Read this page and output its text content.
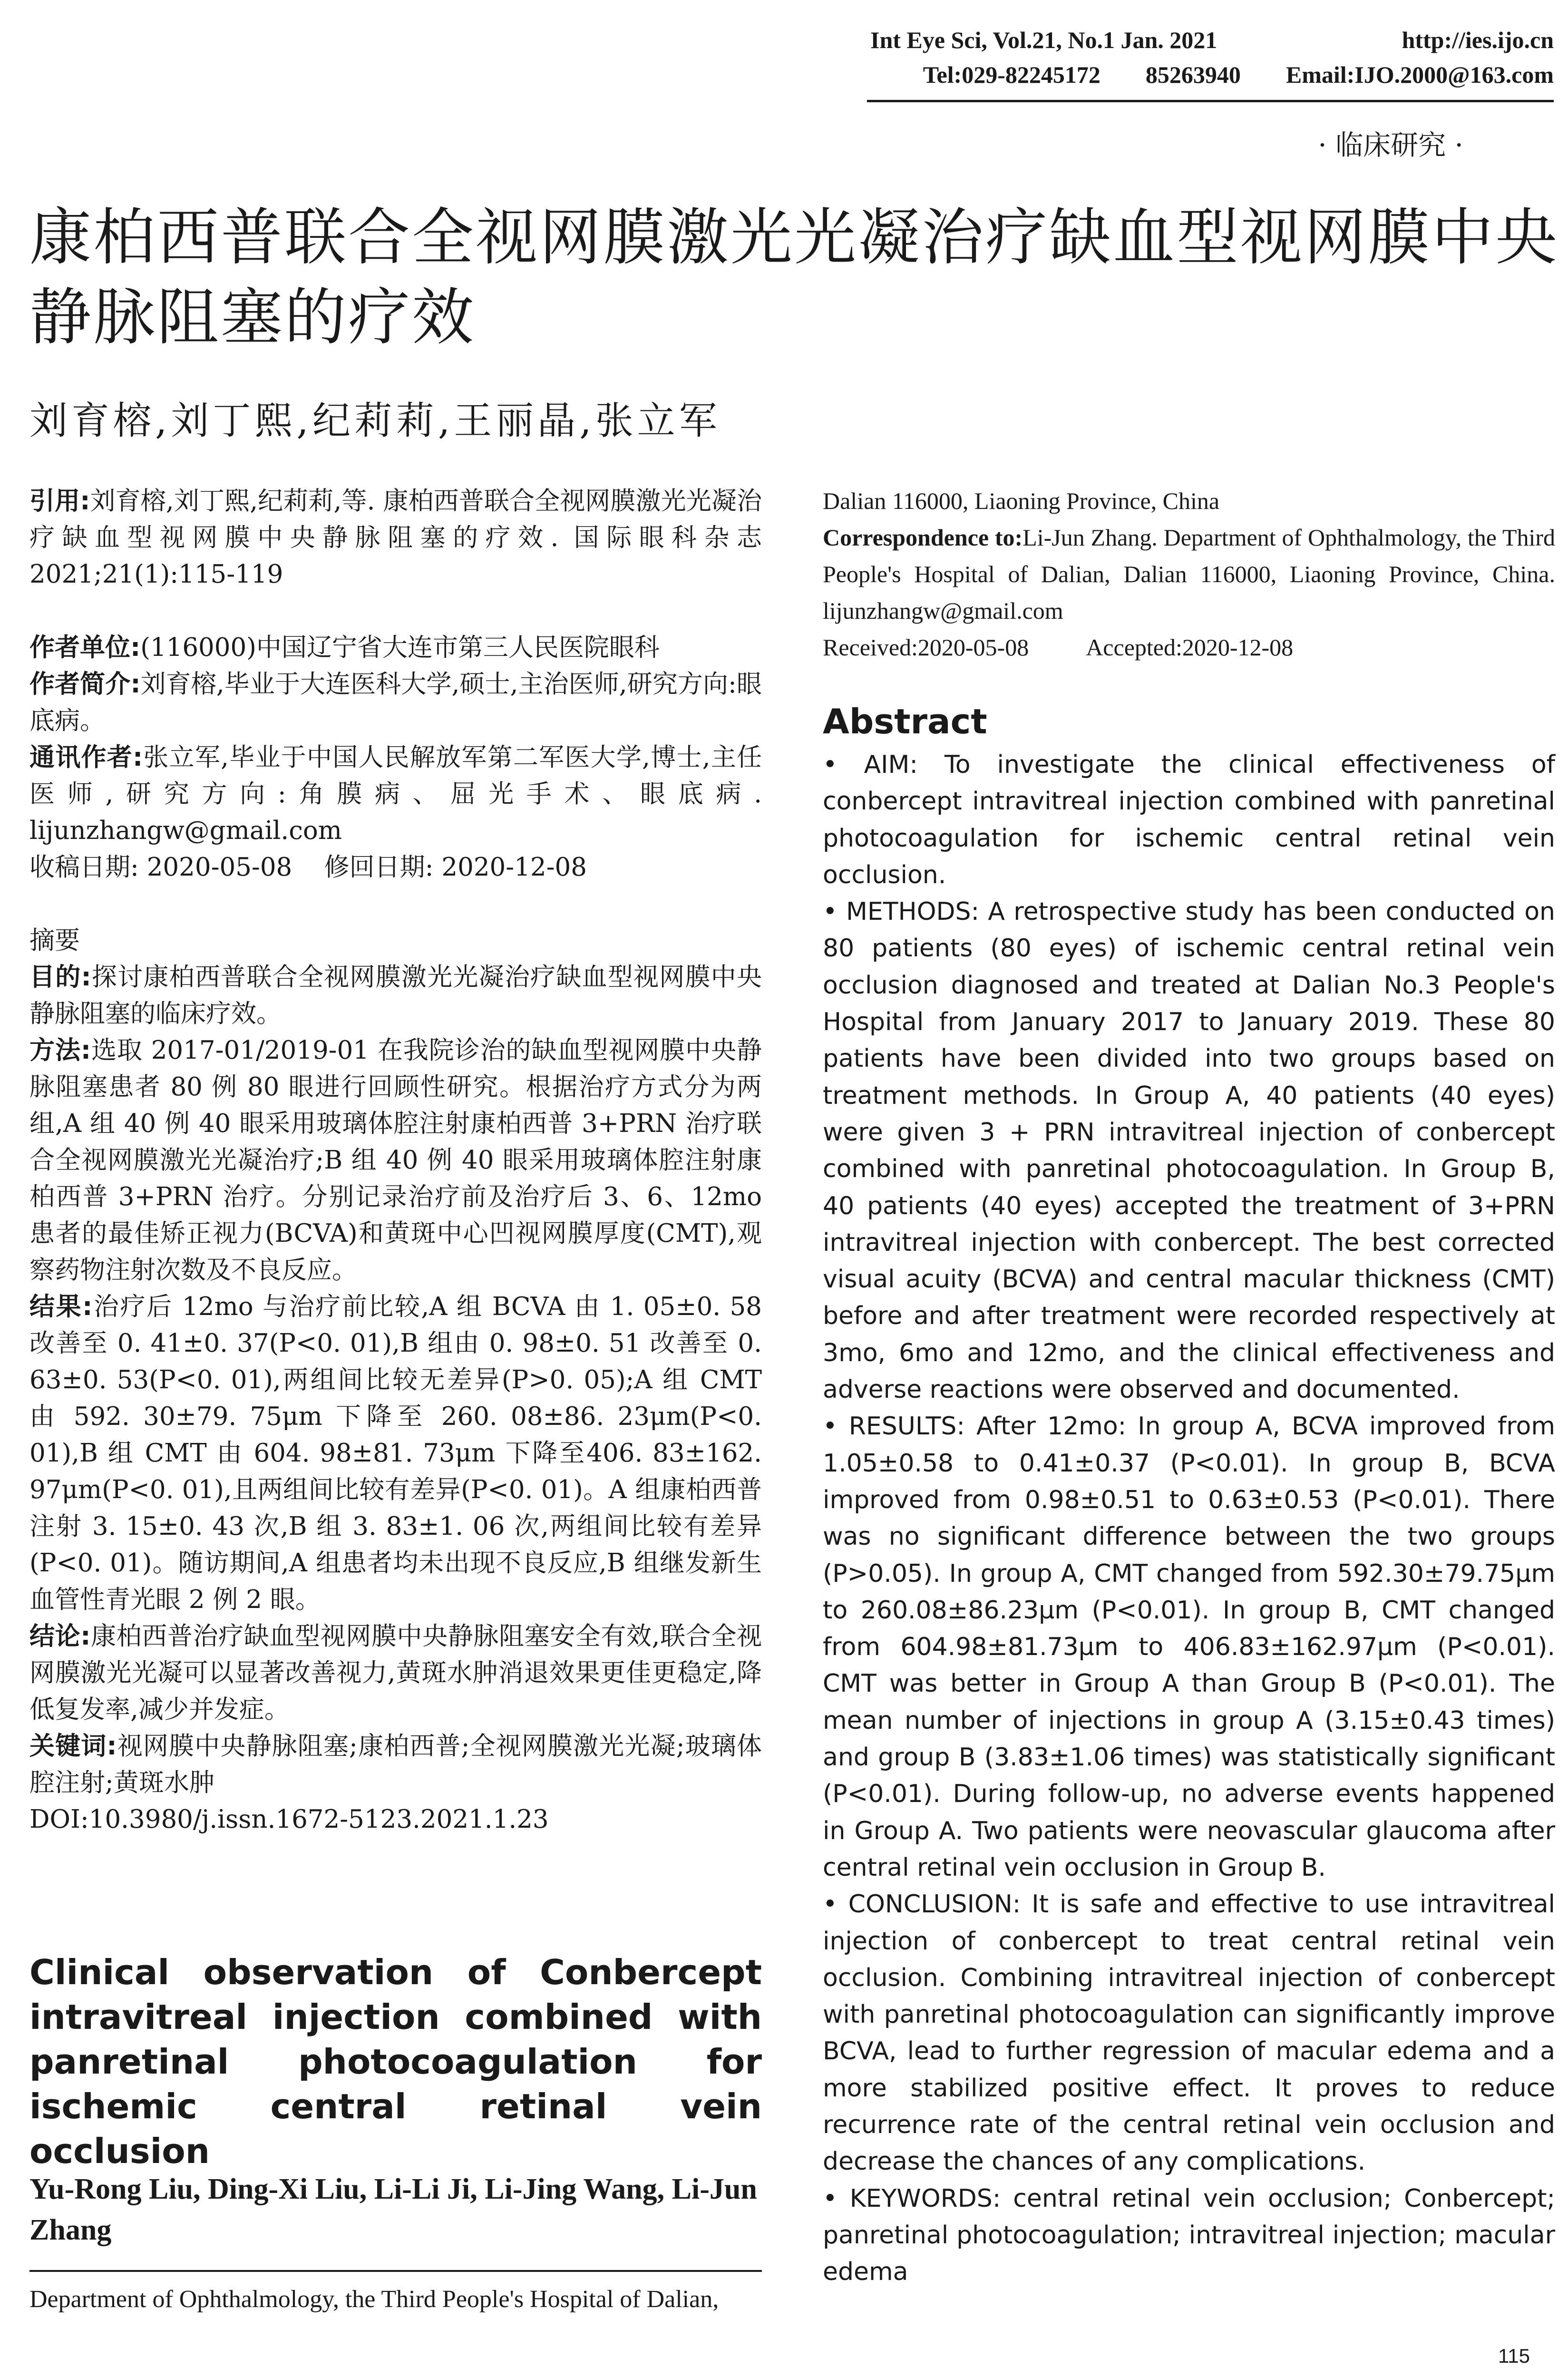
Int Eye Sci, Vol.21, No.1 Jan. 2021	http://ies.ijo.cn
Tel:029-82245172 85263940 Email:IJO.2000@163.com
· 临床研究 ·
康柏西普联合全视网膜激光光凝治疗缺血型视网膜中央静脉阻塞的疗效
刘育榕,刘丁熙,纪莉莉,王丽晶,张立军

引用:刘育榕,刘丁熙,纪莉莉,等. 康柏西普联合全视网膜激光光凝治疗缺血型视网膜中央静脉阻塞的疗效. 国际眼科杂志 2021;21(1):115-119

作者单位:(116000)中国辽宁省大连市第三人民医院眼科

作者简介:刘育榕,毕业于大连医科大学,硕士,主治医师,研究方向:眼底病。

通讯作者:张立军,毕业于中国人民解放军第二军医大学,博士,主任医师,研究方向:角膜病、屈光手术、眼底病. lijunzhangw@gmail.com

收稿日期: 2020-05-08    修回日期: 2020-12-08

摘要

目的:探讨康柏西普联合全视网膜激光光凝治疗缺血型视网膜中央静脉阻塞的临床疗效。

方法:选取 2017-01/2019-01 在我院诊治的缺血型视网膜中央静脉阻塞患者 80 例 80 眼进行回顾性研究。根据治疗方式分为两组,A 组 40 例 40 眼采用玻璃体腔注射康柏西普 3+PRN 治疗联合全视网膜激光光凝治疗;B 组 40 例 40 眼采用玻璃体腔注射康柏西普 3+PRN 治疗。分别记录治疗前及治疗后 3、6、12mo 患者的最佳矫正视力(BCVA)和黄斑中心凹视网膜厚度(CMT),观察药物注射次数及不良反应。

结果:治疗后 12mo 与治疗前比较,A 组 BCVA 由 1. 05±0. 58 改善至 0. 41±0. 37(P<0. 01),B 组由 0. 98±0. 51 改善至 0. 63±0. 53(P<0. 01),两组间比较无差异(P>0. 05);A 组 CMT 由 592. 30±79. 75μm 下降至 260. 08±86. 23μm(P<0. 01),B 组 CMT 由 604. 98±81. 73μm 下降至406. 83±162. 97μm(P<0. 01),且两组间比较有差异(P<0. 01)。A 组康柏西普注射 3. 15±0. 43 次,B 组 3. 83±1. 06 次,两组间比较有差异(P<0. 01)。随访期间,A 组患者均未出现不良反应,B 组继发新生血管性青光眼 2 例 2 眼。

结论:康柏西普治疗缺血型视网膜中央静脉阻塞安全有效,联合全视网膜激光光凝可以显著改善视力,黄斑水肿消退效果更佳更稳定,降低复发率,减少并发症。

关键词:视网膜中央静脉阻塞;康柏西普;全视网膜激光光凝;玻璃体腔注射;黄斑水肿

DOI:10.3980/j.issn.1672-5123.2021.1.23

Clinical observation of Conbercept intravitreal injection combined with panretinal photocoagulation for ischemic central retinal vein occlusion
Yu-Rong Liu, Ding-Xi Liu, Li-Li Ji, Li-Jing Wang, Li-Jun Zhang
Department of Ophthalmology, the Third People's Hospital of Dalian,
Dalian 116000, Liaoning Province, China
Correspondence to:Li-Jun Zhang. Department of Ophthalmology, the Third People's Hospital of Dalian, Dalian 116000, Liaoning Province, China. lijunzhangw@gmail.com
Received:2020-05-08 Accepted:2020-12-08
Abstract

• AIM: To investigate the clinical effectiveness of conbercept intravitreal injection combined with panretinal photocoagulation for ischemic central retinal vein occlusion.

• METHODS: A retrospective study has been conducted on 80 patients (80 eyes) of ischemic central retinal vein occlusion diagnosed and treated at Dalian No.3 People's Hospital from January 2017 to January 2019. These 80 patients have been divided into two groups based on treatment methods. In Group A, 40 patients (40 eyes) were given 3 + PRN intravitreal injection of conbercept combined with panretinal photocoagulation. In Group B, 40 patients (40 eyes) accepted the treatment of 3+PRN intravitreal injection with conbercept. The best corrected visual acuity (BCVA) and central macular thickness (CMT) before and after treatment were recorded respectively at 3mo, 6mo and 12mo, and the clinical effectiveness and adverse reactions were observed and documented.

• RESULTS: After 12mo: In group A, BCVA improved from 1.05±0.58 to 0.41±0.37 (P<0.01). In group B, BCVA improved from 0.98±0.51 to 0.63±0.53 (P<0.01). There was no significant difference between the two groups (P>0.05). In group A, CMT changed from 592.30±79.75μm to 260.08±86.23μm (P<0.01). In group B, CMT changed from 604.98±81.73μm to 406.83±162.97μm (P<0.01). CMT was better in Group A than Group B (P<0.01). The mean number of injections in group A (3.15±0.43 times) and group B (3.83±1.06 times) was statistically significant (P<0.01). During follow-up, no adverse events happened in Group A. Two patients were neovascular glaucoma after central retinal vein occlusion in Group B.

• CONCLUSION: It is safe and effective to use intravitreal injection of conbercept to treat central retinal vein occlusion. Combining intravitreal injection of conbercept with panretinal photocoagulation can significantly improve BCVA, lead to further regression of macular edema and a more stabilized positive effect. It proves to reduce recurrence rate of the central retinal vein occlusion and decrease the chances of any complications.

• KEYWORDS: central retinal vein occlusion; Conbercept; panretinal photocoagulation; intravitreal injection; macular edema

115
